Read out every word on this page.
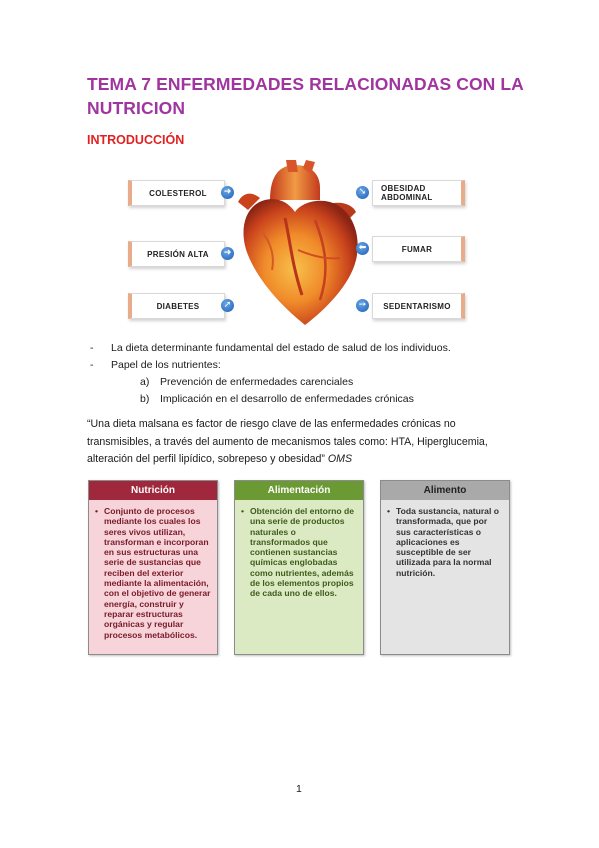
TEMA 7 ENFERMEDADES RELACIONADAS CON LA NUTRICION
INTRODUCCIÓN
COLESTEROL
PRESIÓN ALTA
DIABETES
➜
➜
➚
➘
⬅
➙
OBESIDAD
ABDOMINAL
FUMAR
SEDENTARISMO
- La dieta determinante fundamental del estado de salud de los individuos.
- Papel de los nutrientes:
a) Prevención de enfermedades carenciales
b) Implicación en el desarrollo de enfermedades crónicas

“Una dieta malsana es factor de riesgo clave de las enfermedades crónicas no transmisibles, a través del aumento de mecanismos tales como: HTA, Hiperglucemia, alteración del perfil lipídico, sobrepeso y obesidad” OMS

Nutrición
• Conjunto de procesos mediante los cuales los seres vivos utilizan, transforman e incorporan en sus estructuras una serie de sustancias que reciben del exterior mediante la alimentación, con el objetivo de generar energía, construir y reparar estructuras orgánicas y regular procesos metabólicos.
Alimentación
• Obtención del entorno de una serie de productos naturales o transformados que contienen sustancias químicas englobadas como nutrientes, además de los elementos propios de cada uno de ellos.
Alimento
• Toda sustancia, natural o transformada, que por sus características o aplicaciones es susceptible de ser utilizada para la normal nutrición.
1
